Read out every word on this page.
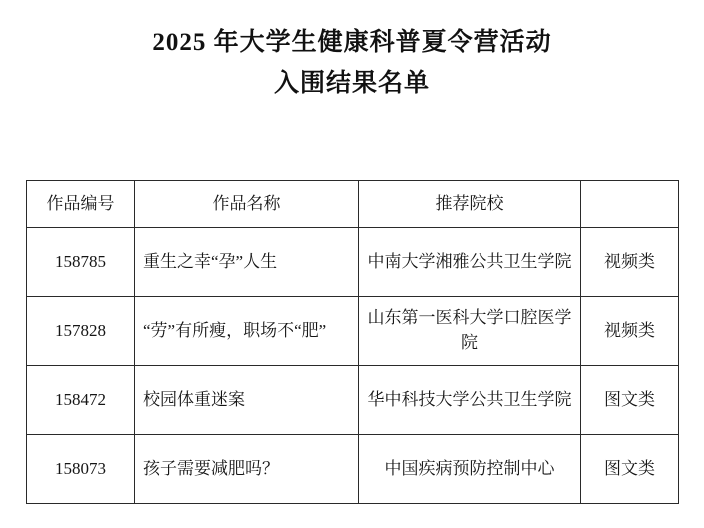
2025 年大学生健康科普夏令营活动
入围结果名单
作品编号	作品名称	推荐院校	
158785	重生之幸“孕”人生	中南大学湘雅公共卫生学院	视频类
157828	“劳”有所瘦，职场不“肥”	山东第一医科大学口腔医学院	视频类
158472	校园体重迷案	华中科技大学公共卫生学院	图文类
158073	孩子需要减肥吗？	中国疾病预防控制中心	图文类
